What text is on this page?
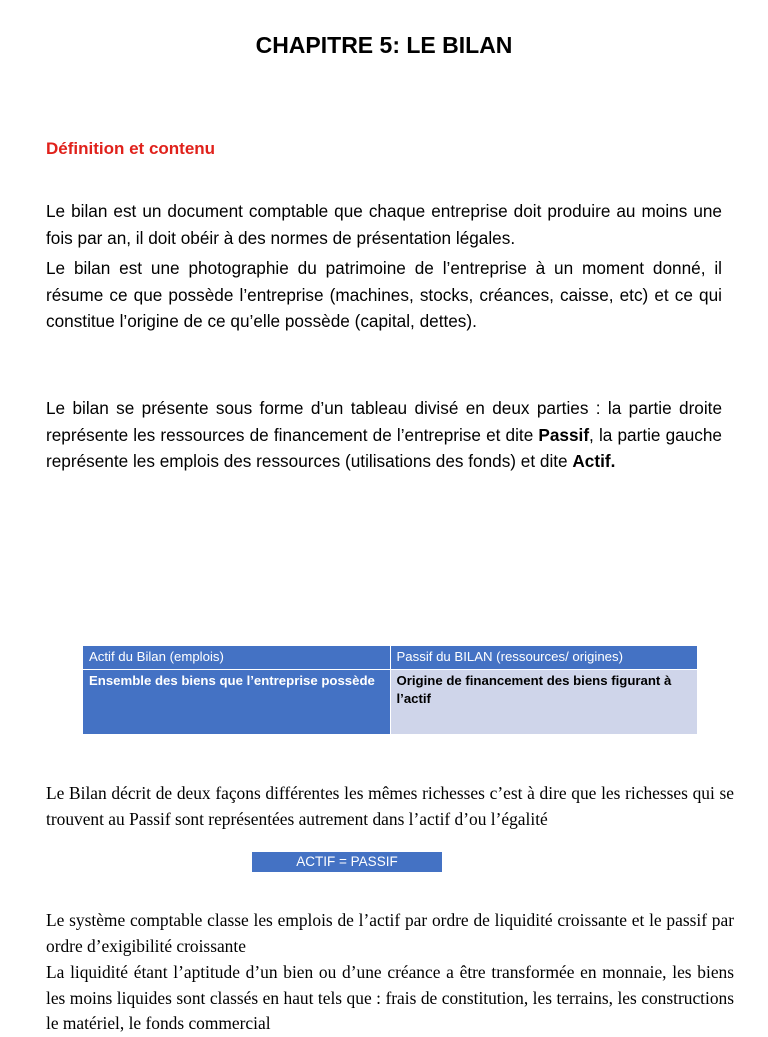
CHAPITRE 5: LE BILAN
Définition et contenu
Le bilan est un document comptable que chaque entreprise doit produire au moins une fois par an, il doit obéir à des normes de présentation légales.
Le bilan est une photographie du patrimoine de l’entreprise à un moment donné, il résume ce que possède l’entreprise (machines, stocks, créances, caisse, etc) et ce qui constitue l’origine de ce qu’elle possède (capital, dettes).
Le bilan se présente sous forme d’un tableau divisé en deux parties : la partie droite représente les ressources de financement de l’entreprise et dite Passif, la partie gauche représente les emplois des ressources (utilisations des fonds) et dite Actif.
Actif du Bilan (emplois)	Passif du BILAN (ressources/ origines)
Ensemble des biens que l’entreprise possède	Origine de financement des biens figurant à l’actif
Le Bilan décrit de deux façons différentes les mêmes richesses c’est à dire que les richesses qui se trouvent au Passif sont représentées autrement dans l’actif d’ou l’égalité
ACTIF = PASSIF
Le système comptable classe les emplois de l’actif par ordre de liquidité croissante et le passif par ordre d’exigibilité croissante
La liquidité étant l’aptitude d’un bien ou d’une créance a être transformée en monnaie, les biens les moins liquides sont classés en haut tels que : frais de constitution, les terrains, les constructions le matériel, le fonds commercial
